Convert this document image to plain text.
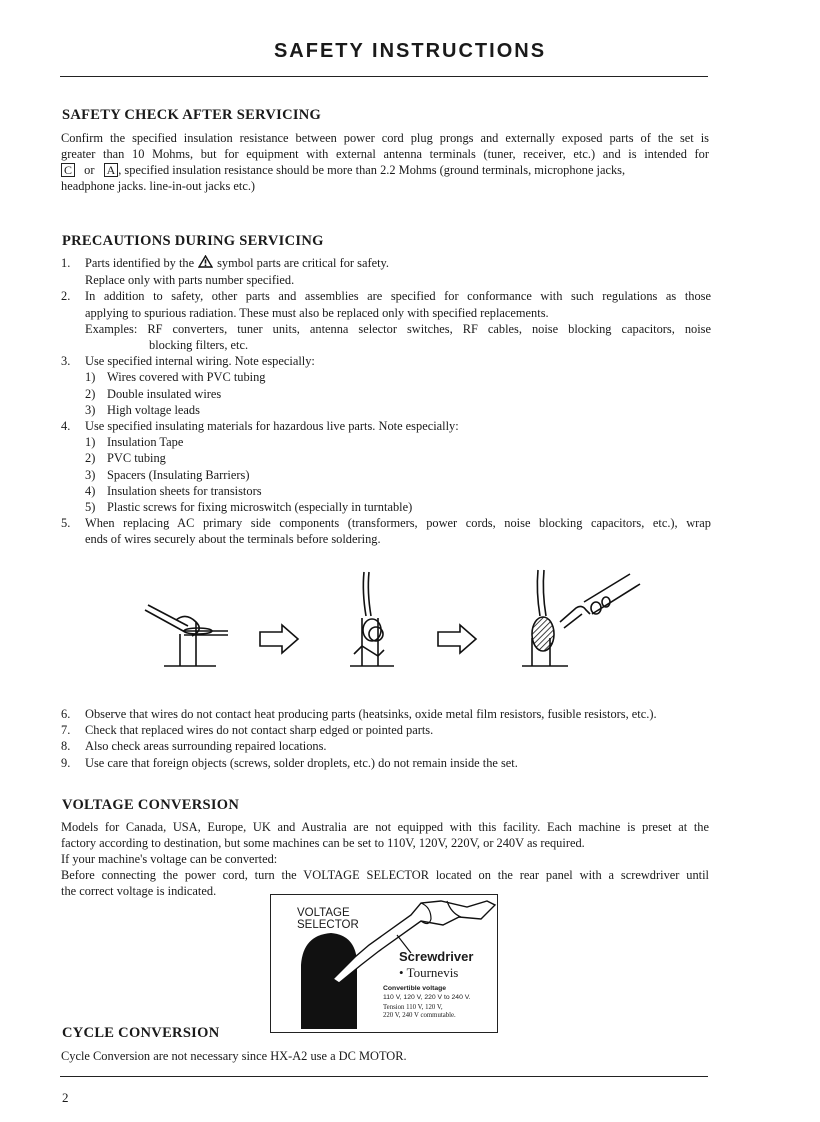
SAFETY INSTRUCTIONS
SAFETY CHECK AFTER SERVICING
Confirm the specified insulation resistance between power cord plug prongs and externally exposed parts of the set is
greater than 10 Mohms, but for equipment with external antenna terminals (tuner, receiver, etc.) and is intended for
C or A , specified insulation resistance should be more than 2.2 Mohms (ground terminals, microphone jacks,
headphone jacks. line-in-out jacks etc.)
PRECAUTIONS DURING SERVICING
1. Parts identified by the symbol parts are critical for safety.
Replace only with parts number specified.
2. In addition to safety, other parts and assemblies are specified for conformance with such regulations as those
applying to spurious radiation. These must also be replaced only with specified replacements.
Examples: RF converters, tuner units, antenna selector switches, RF cables, noise blocking capacitors, noise
blocking filters, etc.
3. Use specified internal wiring. Note especially:
1) Wires covered with PVC tubing
2) Double insulated wires
3) High voltage leads
4. Use specified insulating materials for hazardous live parts. Note especially:
1) Insulation Tape
2) PVC tubing
3) Spacers (Insulating Barriers)
4) Insulation sheets for transistors
5) Plastic screws for fixing microswitch (especially in turntable)
5. When replacing AC primary side components (transformers, power cords, noise blocking capacitors, etc.), wrap
ends of wires securely about the terminals before soldering.
6. Observe that wires do not contact heat producing parts (heatsinks, oxide metal film resistors, fusible resistors, etc.).
7. Check that replaced wires do not contact sharp edged or pointed parts.
8. Also check areas surrounding repaired locations.
9. Use care that foreign objects (screws, solder droplets, etc.) do not remain inside the set.
VOLTAGE CONVERSION
Models for Canada, USA, Europe, UK and Australia are not equipped with this facility. Each machine is preset at the
factory according to destination, but some machines can be set to 110V, 120V, 220V, or 240V as required.
If your machine's voltage can be converted:
Before connecting the power cord, turn the VOLTAGE SELECTOR located on the rear panel with a screwdriver until
the correct voltage is indicated.
VOLTAGE
SELECTOR
Screwdriver
• Tournevis
Convertible voltage
110 V, 120 V, 220 V to 240 V.
Tension 110 V, 120 V,
220 V, 240 V commutable.
CYCLE CONVERSION
Cycle Conversion are not necessary since HX-A2 use a DC MOTOR.
2
